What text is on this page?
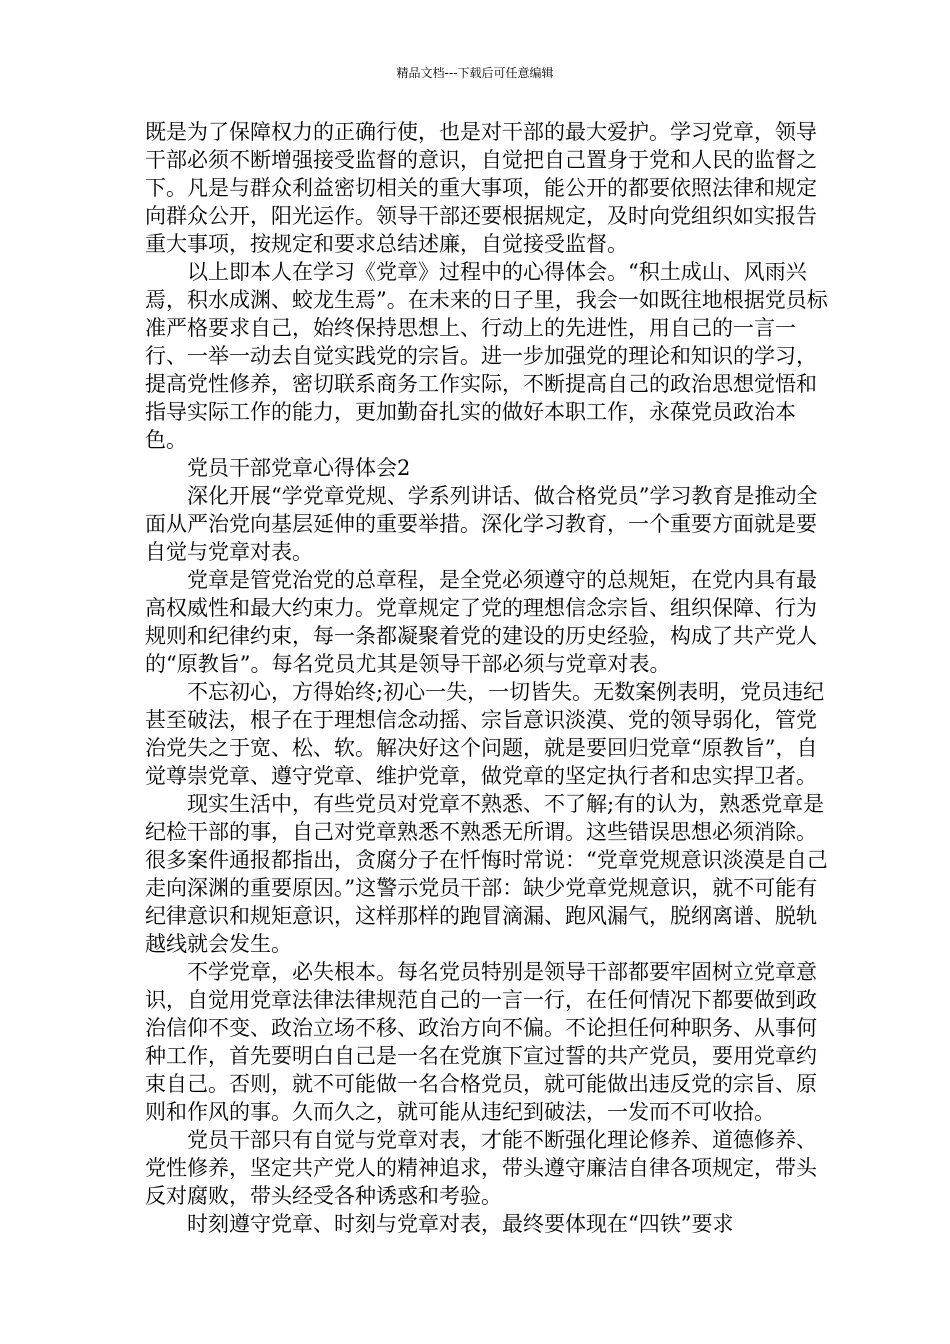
精品文档---下载后可任意编辑

既是为了保障权力的正确行使，也是对干部的最大爱护。学习党章，领导干部必须不断增强接受监督的意识，自觉把自己置身于党和人民的监督之下。凡是与群众利益密切相关的重大事项，能公开的都要依照法律和规定向群众公开，阳光运作。领导干部还要根据规定，及时向党组织如实报告重大事项，按规定和要求总结述廉，自觉接受监督。

以上即本人在学习《党章》过程中的心得体会。“积土成山、风雨兴焉，积水成渊、蛟龙生焉”。在未来的日子里，我会一如既往地根据党员标准严格要求自己，始终保持思想上、行动上的先进性，用自己的一言一行、一举一动去自觉实践党的宗旨。进一步加强党的理论和知识的学习，提高党性修养，密切联系商务工作实际，不断提高自己的政治思想觉悟和指导实际工作的能力，更加勤奋扎实的做好本职工作，永葆党员政治本色。

党员干部党章心得体会2

深化开展“学党章党规、学系列讲话、做合格党员”学习教育是推动全面从严治党向基层延伸的重要举措。深化学习教育，一个重要方面就是要自觉与党章对表。

党章是管党治党的总章程，是全党必须遵守的总规矩，在党内具有最高权威性和最大约束力。党章规定了党的理想信念宗旨、组织保障、行为规则和纪律约束，每一条都凝聚着党的建设的历史经验，构成了共产党人的“原教旨”。每名党员尤其是领导干部必须与党章对表。

不忘初心，方得始终;初心一失，一切皆失。无数案例表明，党员违纪甚至破法，根子在于理想信念动摇、宗旨意识淡漠、党的领导弱化，管党治党失之于宽、松、软。解决好这个问题，就是要回归党章“原教旨”，自觉尊崇党章、遵守党章、维护党章，做党章的坚定执行者和忠实捍卫者。

现实生活中，有些党员对党章不熟悉、不了解;有的认为，熟悉党章是纪检干部的事，自己对党章熟悉不熟悉无所谓。这些错误思想必须消除。很多案件通报都指出，贪腐分子在忏悔时常说：“党章党规意识淡漠是自己走向深渊的重要原因。”这警示党员干部：缺少党章党规意识，就不可能有纪律意识和规矩意识，这样那样的跑冒滴漏、跑风漏气，脱纲离谱、脱轨越线就会发生。

不学党章，必失根本。每名党员特别是领导干部都要牢固树立党章意识，自觉用党章法律法律规范自己的一言一行，在任何情况下都要做到政治信仰不变、政治立场不移、政治方向不偏。不论担任何种职务、从事何种工作，首先要明白自己是一名在党旗下宣过誓的共产党员，要用党章约束自己。否则，就不可能做一名合格党员，就可能做出违反党的宗旨、原则和作风的事。久而久之，就可能从违纪到破法，一发而不可收拾。

党员干部只有自觉与党章对表，才能不断强化理论修养、道德修养、党性修养，坚定共产党人的精神追求，带头遵守廉洁自律各项规定，带头反对腐败，带头经受各种诱惑和考验。

时刻遵守党章、时刻与党章对表，最终要体现在“四铁”要求
